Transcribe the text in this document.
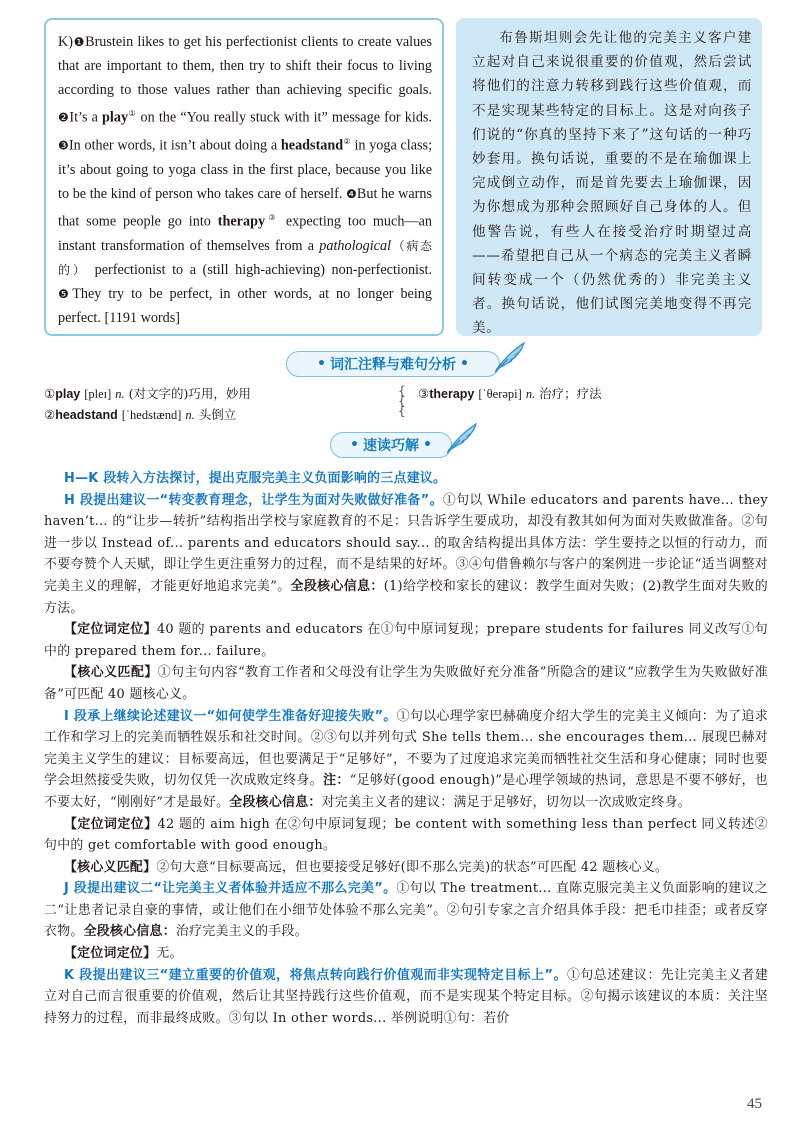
K)❶Brustein likes to get his perfectionist clients to create values that are important to them, then try to shift their focus to living according to those values rather than achieving specific goals. ❷It’s a play① on the “You really stuck with it” message for kids. ❸In other words, it isn’t about doing a headstand② in yoga class; it’s about going to yoga class in the first place, because you like to be the kind of person who takes care of herself. ❹But he warns that some people go into therapy③ expecting too much—an instant transformation of themselves from a pathological（病态的） perfectionist to a (still high-achieving) non-perfectionist. ❺They try to be perfect, in other words, at no longer being perfect. [1191 words]

布鲁斯坦则会先让他的完美主义客户建立起对自己来说很重要的价值观，然后尝试将他们的注意力转移到践行这些价值观，而不是实现某些特定的目标上。这是对向孩子们说的“你真的坚持下来了”这句话的一种巧妙套用。换句话说，重要的不是在瑜伽课上完成倒立动作，而是首先要去上瑜伽课，因为你想成为那种会照顾好自己身体的人。但他警告说，有些人在接受治疗时期望过高——希望把自己从一个病态的完美主义者瞬间转变成一个（仍然优秀的）非完美主义者。换句话说，他们试图完美地变得不再完美。

• 词汇注释与难句分析 •
①play [pleɪ] n. (对文字的)巧用，妙用
②headstand [ˈhedstænd] n. 头倒立
{
{
{
③therapy [ˈθerəpi] n. 治疗；疗法
• 速读巧解 •

H—K 段转入方法探讨，提出克服完美主义负面影响的三点建议。

H 段提出建议一“转变教育理念，让学生为面对失败做好准备”。①句以 While educators and parents have... they haven’t... 的“让步—转折”结构指出学校与家庭教育的不足：只告诉学生要成功，却没有教其如何为面对失败做准备。②句进一步以 Instead of... parents and educators should say... 的取舍结构提出具体方法：学生要持之以恒的行动力，而不要夸赞个人天赋，即让学生更注重努力的过程，而不是结果的好坏。③④句借鲁赖尔与客户的案例进一步论证“适当调整对完美主义的理解，才能更好地追求完美”。全段核心信息：(1)给学校和家长的建议：教学生面对失败；(2)教学生面对失败的方法。

【定位词定位】40 题的 parents and educators 在①句中原词复现；prepare students for failures 同义改写①句中的 prepared them for... failure。

【核心义匹配】①句主句内容“教育工作者和父母没有让学生为失败做好充分准备”所隐含的建议“应教学生为失败做好准备”可匹配 40 题核心义。

I 段承上继续论述建议一“如何使学生准备好迎接失败”。①句以心理学家巴赫确度介绍大学生的完美主义倾向：为了追求工作和学习上的完美而牺牲娱乐和社交时间。②③句以并列句式 She tells them... she encourages them... 展现巴赫对完美主义学生的建议：目标要高远，但也要满足于“足够好”，不要为了过度追求完美而牺牲社交生活和身心健康；同时也要学会坦然接受失败，切勿仅凭一次成败定终身。注：“足够好(good enough)”是心理学领域的热词，意思是不要不够好，也不要太好，“刚刚好”才是最好。全段核心信息：对完美主义者的建议：满足于足够好，切勿以一次成败定终身。

【定位词定位】42 题的 aim high 在②句中原词复现；be content with something less than perfect 同义转述②句中的 get comfortable with good enough。

【核心义匹配】②句大意“目标要高远，但也要接受足够好(即不那么完美)的状态”可匹配 42 题核心义。

J 段提出建议二“让完美主义者体验并适应不那么完美”。①句以 The treatment... 直陈克服完美主义负面影响的建议之二“让患者记录自豪的事情，或让他们在小细节处体验不那么完美”。②句引专家之言介绍具体手段：把毛巾挂歪；或者反穿衣物。全段核心信息：治疗完美主义的手段。

【定位词定位】无。

K 段提出建议三“建立重要的价值观，将焦点转向践行价值观而非实现特定目标上”。①句总述建议：先让完美主义者建立对自己而言很重要的价值观，然后让其坚持践行这些价值观，而不是实现某个特定目标。②句揭示该建议的本质：关注坚持努力的过程，而非最终成败。③句以 In other words... 举例说明①句：若价

45
